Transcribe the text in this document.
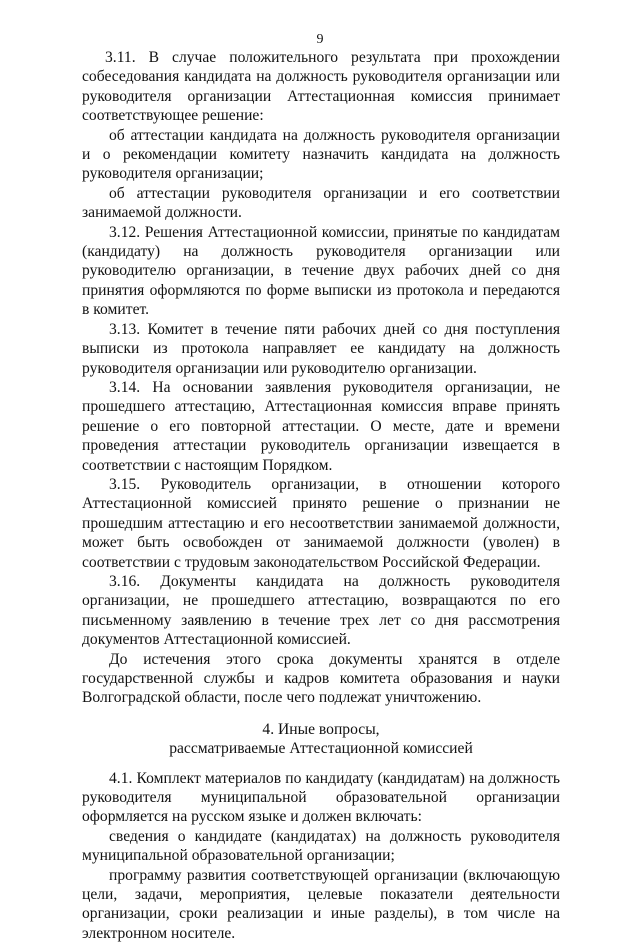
9

3.11. В случае положительного результата при прохождении собеседования кандидата на должность руководителя организации или руководителя организации Аттестационная комиссия принимает соответствующее решение:

об аттестации кандидата на должность руководителя организации и о рекомендации комитету назначить кандидата на должность руководителя организации;

об аттестации руководителя организации и его соответствии занимаемой должности.

3.12. Решения Аттестационной комиссии, принятые по кандидатам (кандидату) на должность руководителя организации или руководителю организации, в течение двух рабочих дней со дня принятия оформляются по форме выписки из протокола и передаются в комитет.

3.13. Комитет в течение пяти рабочих дней со дня поступления выписки из протокола направляет ее кандидату на должность руководителя организации или руководителю организации.

3.14. На основании заявления руководителя организации, не прошедшего аттестацию, Аттестационная комиссия вправе принять решение о его повторной аттестации. О месте, дате и времени проведения аттестации руководитель организации извещается в соответствии с настоящим Порядком.

3.15. Руководитель организации, в отношении которого Аттестационной комиссией принято решение о признании не прошедшим аттестацию и его несоответствии занимаемой должности, может быть освобожден от занимаемой должности (уволен) в соответствии с трудовым законодательством Российской Федерации.

3.16. Документы кандидата на должность руководителя организации, не прошедшего аттестацию, возвращаются по его письменному заявлению в течение трех лет со дня рассмотрения документов Аттестационной комиссией.

До истечения этого срока документы хранятся в отделе государственной службы и кадров комитета образования и науки Волгоградской области, после чего подлежат уничтожению.

4. Иные вопросы,
рассматриваемые Аттестационной комиссией

4.1. Комплект материалов по кандидату (кандидатам) на должность руководителя муниципальной образовательной организации оформляется на русском языке и должен включать:

сведения о кандидате (кандидатах) на должность руководителя муниципальной образовательной организации;

программу развития соответствующей организации (включающую цели, задачи, мероприятия, целевые показатели деятельности организации, сроки реализации и иные разделы), в том числе на электронном носителе.
